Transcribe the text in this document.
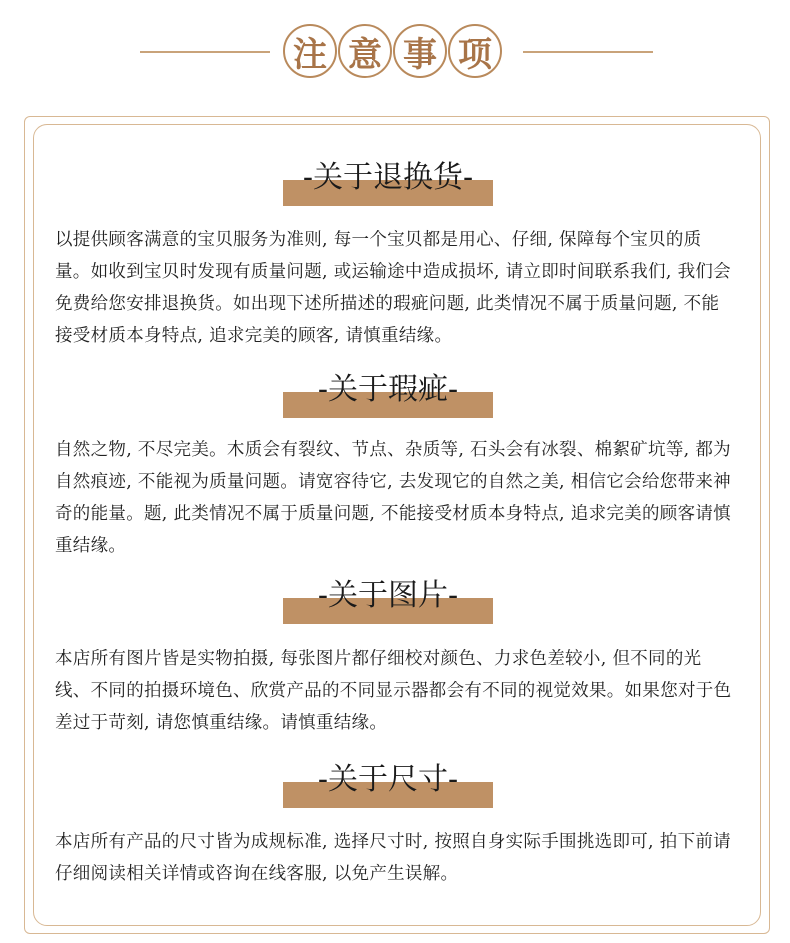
注 意 事 项
-关于退换货-
以提供顾客满意的宝贝服务为准则, 每一个宝贝都是用心、仔细, 保障每个宝贝的质量。如收到宝贝时发现有质量问题, 或运输途中造成损坏, 请立即时间联系我们, 我们会免费给您安排退换货。如出现下述所描述的瑕疵问题, 此类情况不属于质量问题, 不能接受材质本身特点, 追求完美的顾客, 请慎重结缘。
-关于瑕疵-
自然之物, 不尽完美。木质会有裂纹、节点、杂质等, 石头会有冰裂、棉絮矿坑等, 都为自然痕迹, 不能视为质量问题。请宽容待它, 去发现它的自然之美, 相信它会给您带来神奇的能量。题, 此类情况不属于质量问题, 不能接受材质本身特点, 追求完美的顾客请慎重结缘。
-关于图片-
本店所有图片皆是实物拍摄, 每张图片都仔细校对颜色、力求色差较小, 但不同的光线、不同的拍摄环境色、欣赏产品的不同显示器都会有不同的视觉效果。如果您对于色差过于苛刻, 请您慎重结缘。请慎重结缘。
-关于尺寸-
本店所有产品的尺寸皆为成规标准, 选择尺寸时, 按照自身实际手围挑选即可, 拍下前请仔细阅读相关详情或咨询在线客服, 以免产生误解。
